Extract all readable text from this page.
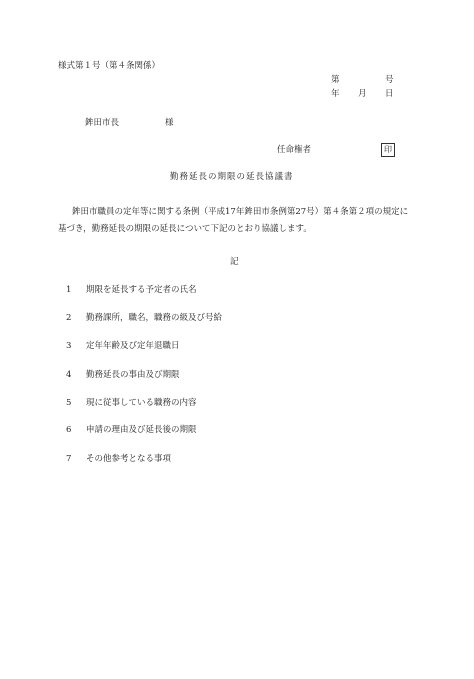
様式第１号（第４条関係）
第	号
年 月 日
鉾田市長	様
任命権者	印
勤務延長の期限の延長協議書
鉾田市職員の定年等に関する条例（平成17年鉾田市条例第27号）第４条第２項の規定に
基づき，勤務延長の期限の延長について下記のとおり協議します。
記
1 期限を延長する予定者の氏名
2 勤務課所，職名，職務の級及び号給
3 定年年齢及び定年退職日
4 勤務延長の事由及び期限
5 現に従事している職務の内容
6 申請の理由及び延長後の期限
7 その他参考となる事項
